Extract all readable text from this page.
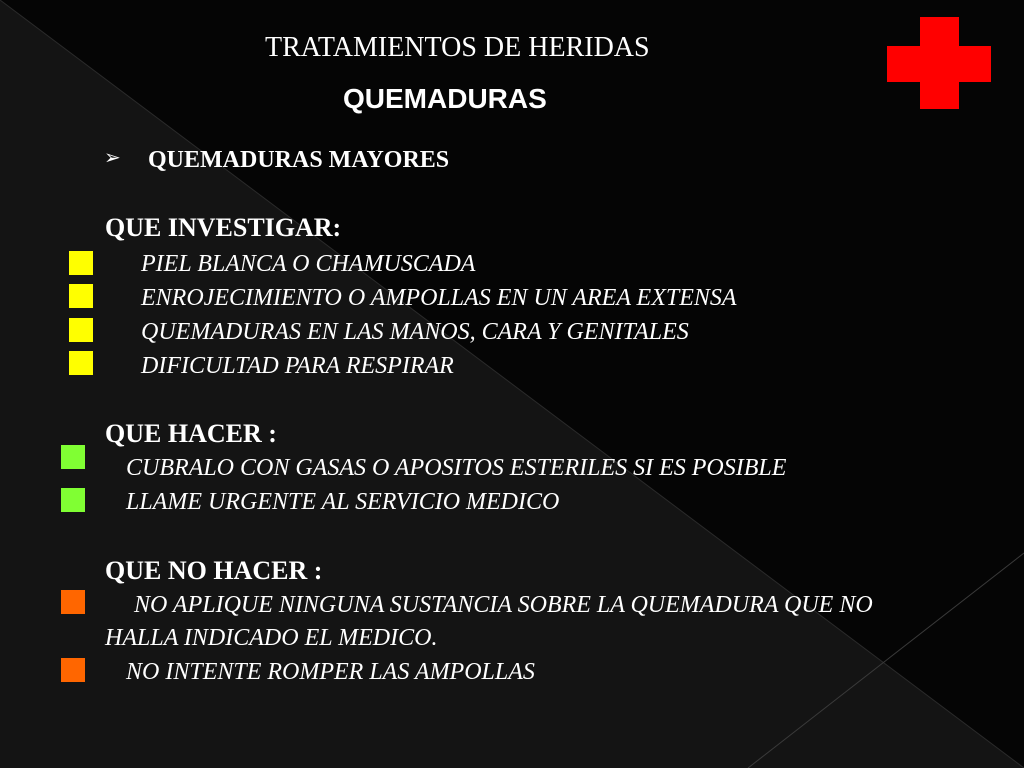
TRATAMIENTOS DE HERIDAS
QUEMADURAS
➢ QUEMADURAS MAYORES
QUE INVESTIGAR:
PIEL BLANCA O CHAMUSCADA
ENROJECIMIENTO O AMPOLLAS EN UN AREA EXTENSA
QUEMADURAS EN LAS MANOS, CARA Y GENITALES
DIFICULTAD PARA RESPIRAR
QUE HACER :
CUBRALO CON GASAS O APOSITOS ESTERILES SI ES POSIBLE
LLAME URGENTE AL SERVICIO MEDICO
QUE NO HACER :
NO APLIQUE NINGUNA SUSTANCIA SOBRE LA QUEMADURA QUE NO
HALLA INDICADO EL MEDICO.
NO INTENTE ROMPER LAS AMPOLLAS
